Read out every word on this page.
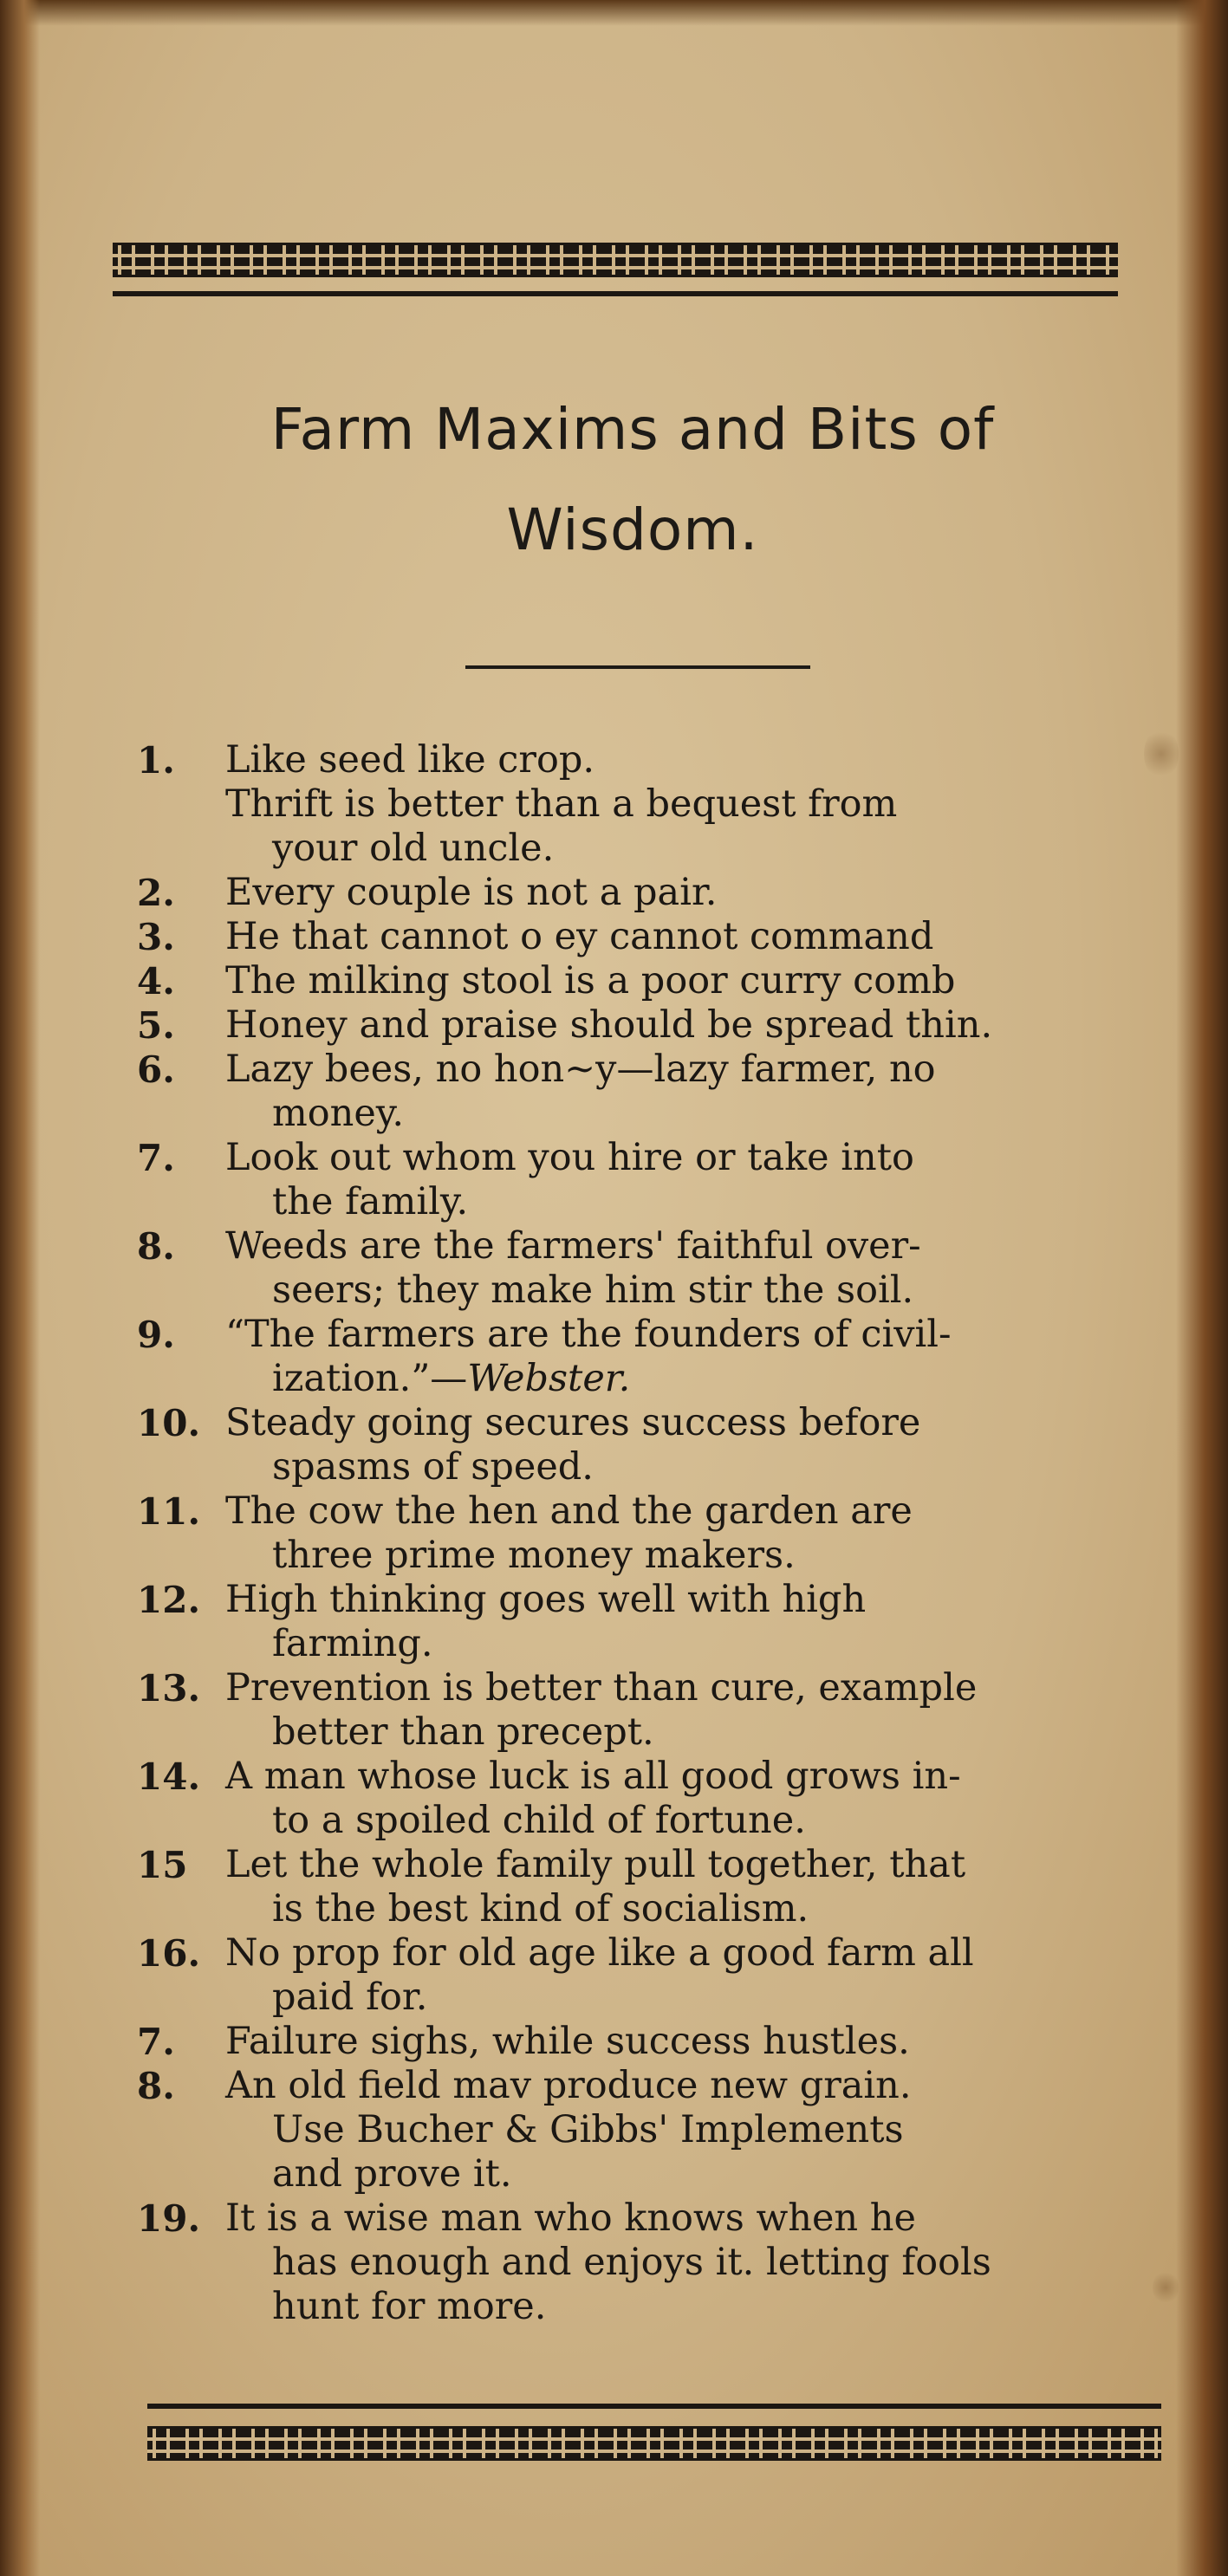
Farm Maxims and Bits of
Wisdom.
1. Like seed like crop.
Thrift is better than a bequest from
your old uncle.
2. Every couple is not a pair.
3. He that cannot o ey cannot command
4. The milking stool is a poor curry comb
5. Honey and praise should be spread thin.
6. Lazy bees, no hon~y—lazy farmer, no
money.
7. Look out whom you hire or take into
the family.
8. Weeds are the farmers' faithful over-
seers; they make him stir the soil.
9. “The farmers are the founders of civil-
ization.”—Webster.
10. Steady going secures success before
spasms of speed.
11. The cow the hen and the garden are
three prime money makers.
12. High thinking goes well with high
farming.
13. Prevention is better than cure, example
better than precept.
14. A man whose luck is all good grows in-
to a spoiled child of fortune.
15 Let the whole family pull together, that
is the best kind of socialism.
16. No prop for old age like a good farm all
paid for.
7. Failure sighs, while success hustles.
8. An old field mav produce new grain.
Use Bucher & Gibbs' Implements
and prove it.
19. It is a wise man who knows when he
has enough and enjoys it. letting fools
hunt for more.
